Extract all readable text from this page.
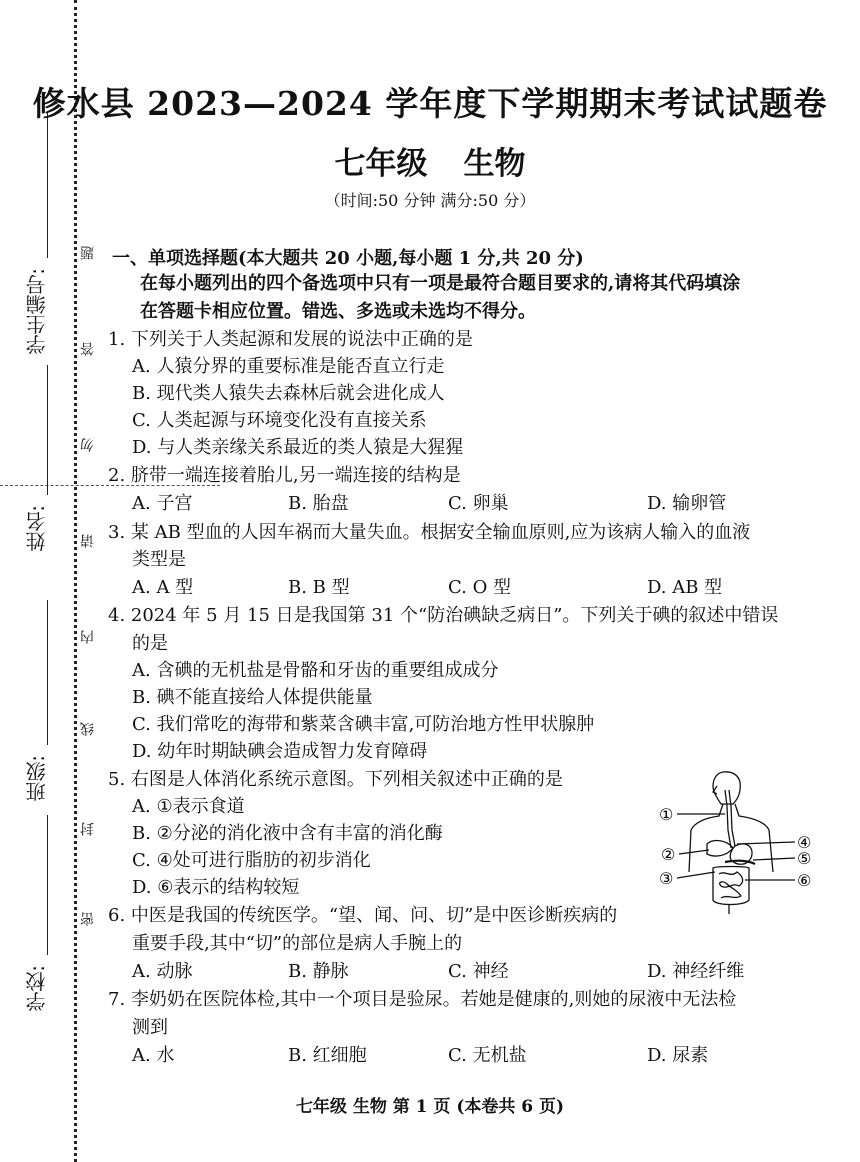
学生编号:
姓名:
班级:
学校:
题
答
勿
请
内
线
封
密
修水县 2023—2024 学年度下学期期末考试试题卷
七年级 生物
（时间:50 分钟 满分:50 分）
一、单项选择题(本大题共 20 小题,每小题 1 分,共 20 分)
在每小题列出的四个备选项中只有一项是最符合题目要求的,请将其代码填涂
在答题卡相应位置。错选、多选或未选均不得分。
1. 下列关于人类起源和发展的说法中正确的是
A. 人猿分界的重要标准是能否直立行走
B. 现代类人猿失去森林后就会进化成人
C. 人类起源与环境变化没有直接关系
D. 与人类亲缘关系最近的类人猿是大猩猩
2. 脐带一端连接着胎儿,另一端连接的结构是
A. 子宫	B. 胎盘	C. 卵巢	D. 输卵管
3. 某 AB 型血的人因车祸而大量失血。根据安全输血原则,应为该病人输入的血液
类型是
A. A 型	B. B 型	C. O 型	D. AB 型
4. 2024 年 5 月 15 日是我国第 31 个“防治碘缺乏病日”。下列关于碘的叙述中错误
的是
A. 含碘的无机盐是骨骼和牙齿的重要组成成分
B. 碘不能直接给人体提供能量
C. 我们常吃的海带和紫菜含碘丰富,可防治地方性甲状腺肿
D. 幼年时期缺碘会造成智力发育障碍
5. 右图是人体消化系统示意图。下列相关叙述中正确的是
A. ①表示食道
B. ②分泌的消化液中含有丰富的消化酶
C. ④处可进行脂肪的初步消化
D. ⑥表示的结构较短
①
②
③
④
⑤
⑥
6. 中医是我国的传统医学。“望、闻、问、切”是中医诊断疾病的
重要手段,其中“切”的部位是病人手腕上的
A. 动脉	B. 静脉	C. 神经	D. 神经纤维
7. 李奶奶在医院体检,其中一个项目是验尿。若她是健康的,则她的尿液中无法检
测到
A. 水	B. 红细胞	C. 无机盐	D. 尿素
七年级 生物 第 1 页 (本卷共 6 页)
